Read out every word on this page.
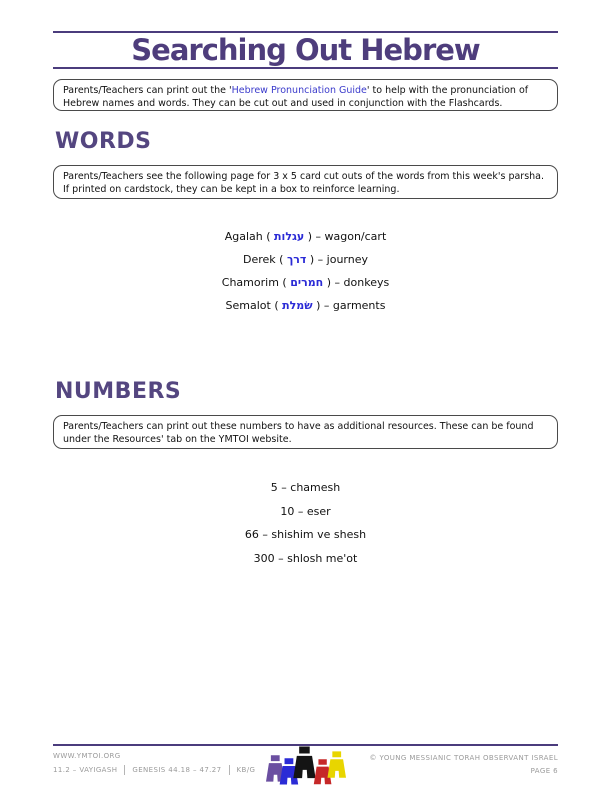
Searching Out Hebrew
Parents/Teachers can print out the 'Hebrew Pronunciation Guide' to help with the pronunciation of Hebrew names and words. They can be cut out and used in conjunction with the Flashcards.
WORDS
Parents/Teachers see the following page for 3 x 5 card cut outs of the words from this week's parsha. If printed on cardstock, they can be kept in a box to reinforce learning.
Agalah ( עגלות ) – wagon/cart
Derek ( דרך ) – journey
Chamorim ( חמרים ) – donkeys
Semalot ( שׂמלת ) – garments
NUMBERS
Parents/Teachers can print out these numbers to have as additional resources. These can be found under the Resources' tab on the YMTOI website.
5 – chamesh
10 – eser
66 – shishim ve shesh
300 – shlosh me'ot
WWW.YMTOI.ORG
11.2 – VAYIGASH GENESIS 44.18 – 47.27 KB/G
© YOUNG MESSIANIC TORAH OBSERVANT ISRAEL
PAGE 6
